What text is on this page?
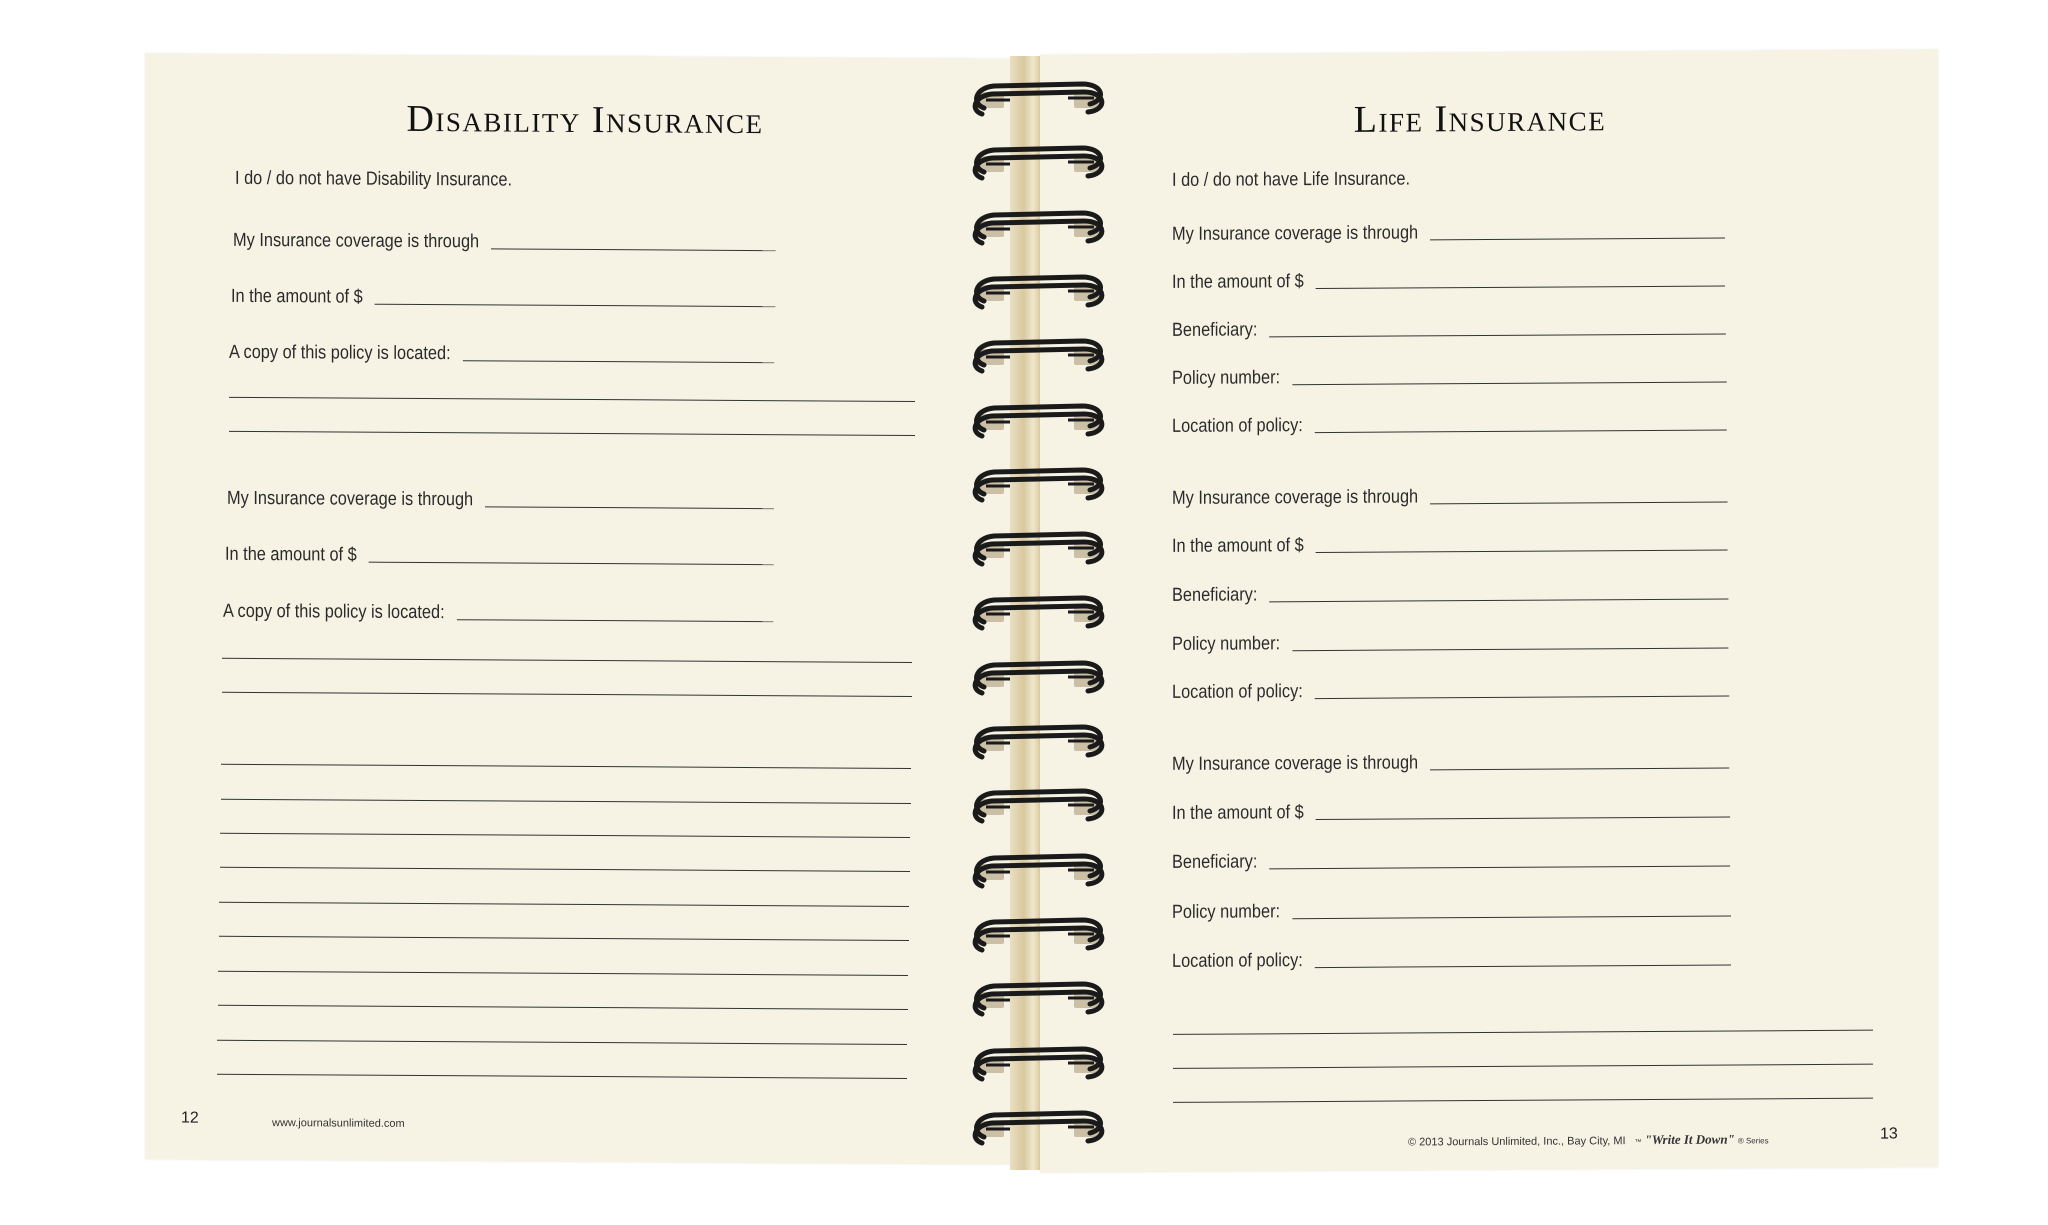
Disability Insurance
I do / do not have Disability Insurance.
My Insurance coverage is through
In the amount of $
A copy of this policy is located:
My Insurance coverage is through
In the amount of $
A copy of this policy is located:
12	www.journalsunlimited.com
Life Insurance
I do / do not have Life Insurance.
My Insurance coverage is through
In the amount of $
Beneficiary:
Policy number:
Location of policy:
My Insurance coverage is through
In the amount of $
Beneficiary:
Policy number:
Location of policy:
My Insurance coverage is through
In the amount of $
Beneficiary:
Policy number:
Location of policy:
© 2013 Journals Unlimited, Inc., Bay City, MI ™ "Write It Down" ® Series	13
